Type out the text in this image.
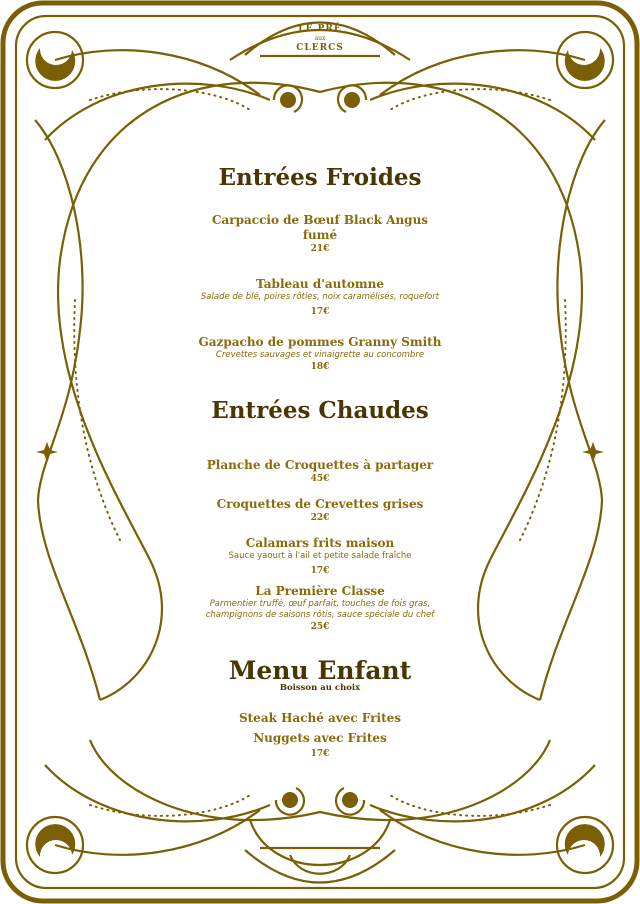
LE PRÉ
aux
CLERCS
Entrées Froides
Carpaccio de Bœuf Black Angus fumé
21€
Tableau d'automne
Salade de blé, poires rôties, noix caramélisés, roquefort
17€
Gazpacho de pommes Granny Smith
Crevettes sauvages et vinaigrette au concombre
18€
Entrées Chaudes
Planche de Croquettes à partager
45€
Croquettes de Crevettes grises
22€
Calamars frits maison
Sauce yaourt à l'ail et petite salade fraîche
17€
La Première Classe
Parmentier truffé, œuf parfait, touches de fois gras, champignons de saisons rôtis, sauce spéciale du chef
25€
Menu Enfant
Boisson au choix
Steak Haché avec Frites
Nuggets avec Frites
17€
